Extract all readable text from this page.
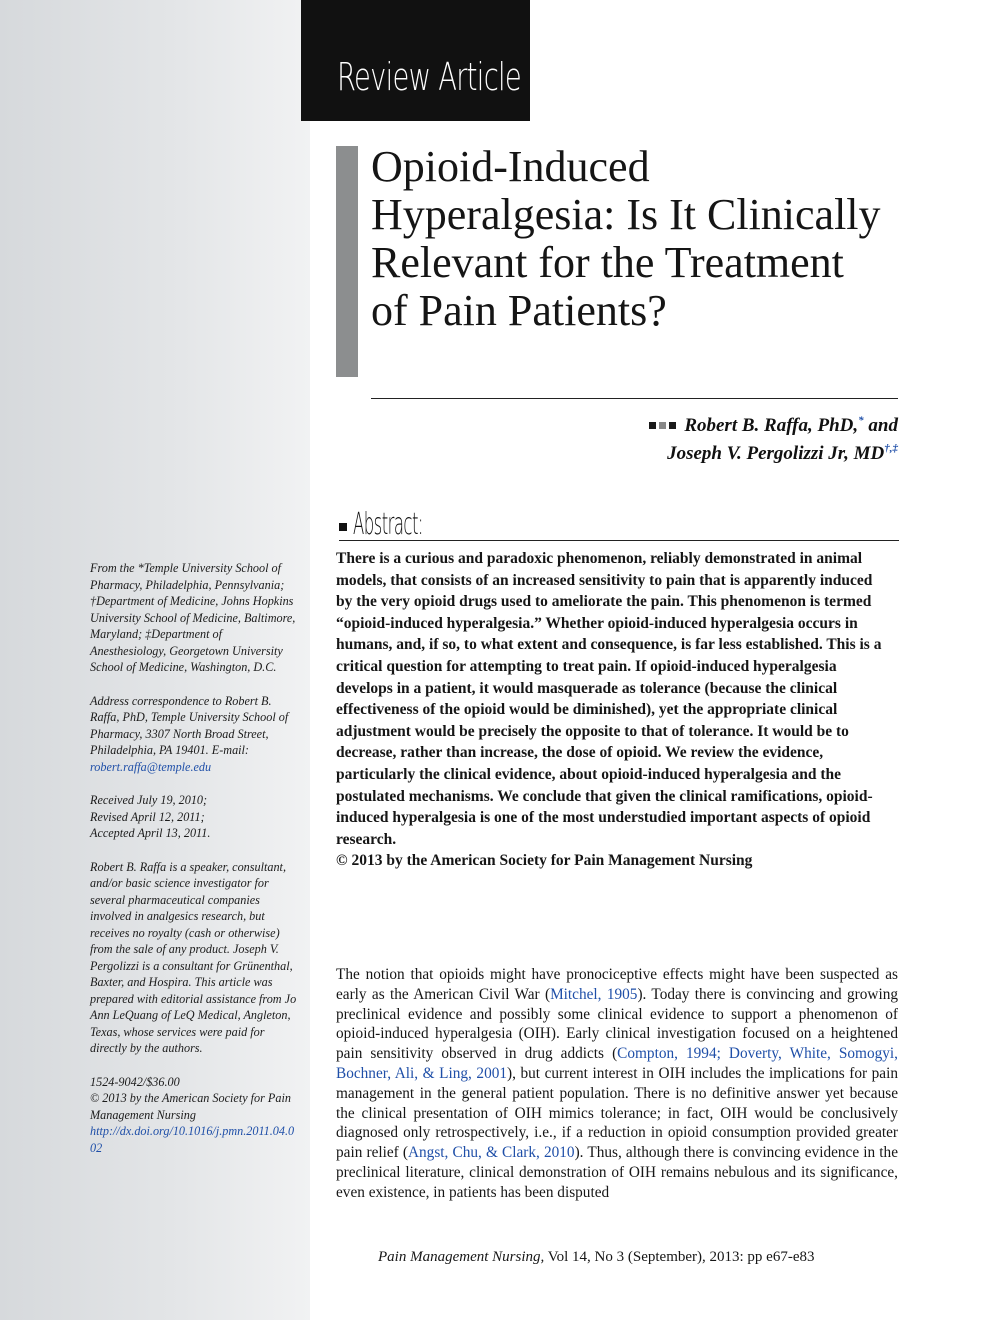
Review Article
Opioid-Induced Hyperalgesia: Is It Clinically Relevant for the Treatment of Pain Patients?
Robert B. Raffa, PhD,* and
Joseph V. Pergolizzi Jr, MD†,‡
Abstract:

There is a curious and paradoxic phenomenon, reliably demonstrated in animal models, that consists of an increased sensitivity to pain that is apparently induced by the very opioid drugs used to ameliorate the pain. This phenomenon is termed “opioid-induced hyperalgesia.” Whether opioid-induced hyperalgesia occurs in humans, and, if so, to what extent and consequence, is far less established. This is a critical question for attempting to treat pain. If opioid-induced hyperalgesia develops in a patient, it would masquerade as tolerance (because the clinical effectiveness of the opioid would be diminished), yet the appropriate clinical adjustment would be precisely the opposite to that of tolerance. It would be to decrease, rather than increase, the dose of opioid. We review the evidence, particularly the clinical evidence, about opioid-induced hyperalgesia and the postulated mechanisms. We conclude that given the clinical ramifications, opioid-induced hyperalgesia is one of the most understudied important aspects of opioid research.

© 2013 by the American Society for Pain Management Nursing

From the *Temple University School of Pharmacy, Philadelphia, Pennsylvania; †Department of Medicine, Johns Hopkins University School of Medicine, Baltimore, Maryland; ‡Department of Anesthesiology, Georgetown University School of Medicine, Washington, D.C.

Address correspondence to Robert B. Raffa, PhD, Temple University School of Pharmacy, 3307 North Broad Street, Philadelphia, PA 19401. E-mail: robert.raffa@temple.edu

Received July 19, 2010;
Revised April 12, 2011;
Accepted April 13, 2011.

Robert B. Raffa is a speaker, consultant, and/or basic science investigator for several pharmaceutical companies involved in analgesics research, but receives no royalty (cash or otherwise) from the sale of any product. Joseph V. Pergolizzi is a consultant for Grünenthal, Baxter, and Hospira. This article was prepared with editorial assistance from Jo Ann LeQuang of LeQ Medical, Angleton, Texas, whose services were paid for directly by the authors.

1524-9042/$36.00
© 2013 by the American Society for Pain Management Nursing
http://dx.doi.org/10.1016/j.pmn.2011.04.002

The notion that opioids might have pronociceptive effects might have been suspected as early as the American Civil War (Mitchel, 1905). Today there is convincing and growing preclinical evidence and possibly some clinical evidence to support a phenomenon of opioid-induced hyperalgesia (OIH). Early clinical investigation focused on a heightened pain sensitivity observed in drug addicts (Compton, 1994; Doverty, White, Somogyi, Bochner, Ali, & Ling, 2001), but current interest in OIH includes the implications for pain management in the general patient population. There is no definitive answer yet because the clinical presentation of OIH mimics tolerance; in fact, OIH would be conclusively diagnosed only retrospectively, i.e., if a reduction in opioid consumption provided greater pain relief (Angst, Chu, & Clark, 2010). Thus, although there is convincing evidence in the preclinical literature, clinical demonstration of OIH remains nebulous and its significance, even existence, in patients has been disputed

Pain Management Nursing, Vol 14, No 3 (September), 2013: pp e67-e83
